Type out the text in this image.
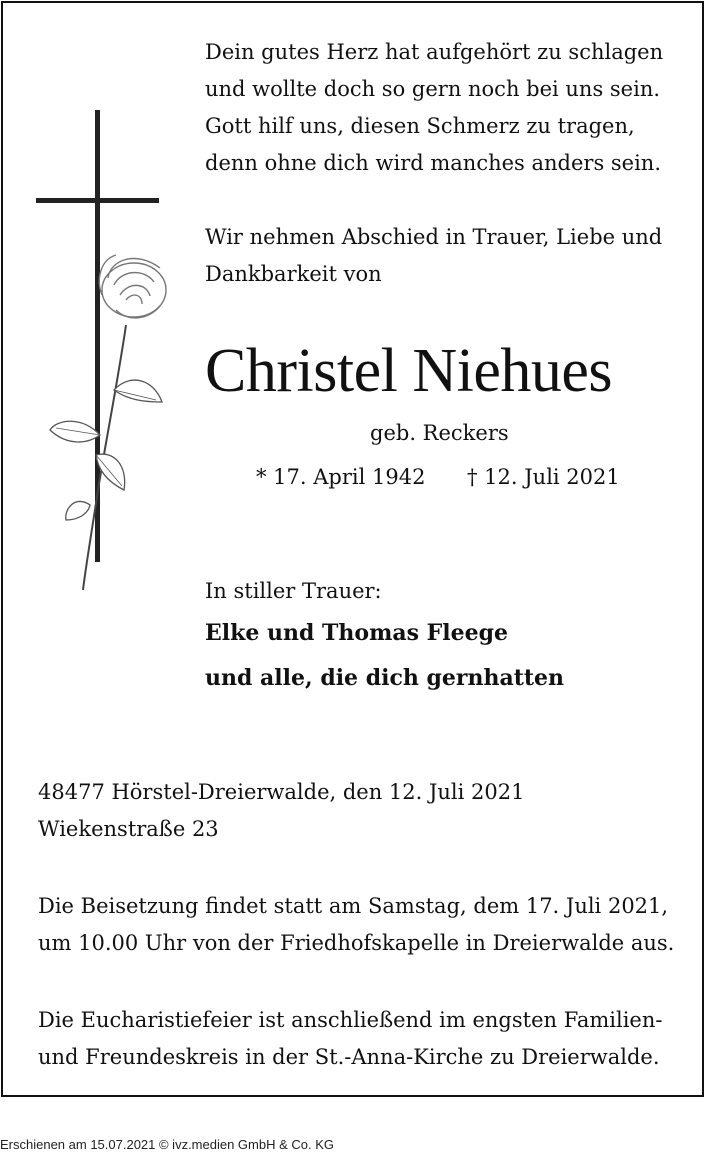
Dein gutes Herz hat aufgehört zu schlagen
und wollte doch so gern noch bei uns sein.
Gott hilf uns, diesen Schmerz zu tragen,
denn ohne dich wird manches anders sein.
Wir nehmen Abschied in Trauer, Liebe und
Dankbarkeit von
Christel Niehues
geb. Reckers
* 17. April 1942 † 12. Juli 2021
In stiller Trauer:
Elke und Thomas Fleege
und alle, die dich gernhatten
48477 Hörstel-Dreierwalde, den 12. Juli 2021
Wiekenstraße 23
Die Beisetzung findet statt am Samstag, dem 17. Juli 2021,
um 10.00 Uhr von der Friedhofskapelle in Dreierwalde aus.
Die Eucharistiefeier ist anschließend im engsten Familien-
und Freundeskreis in der St.-Anna-Kirche zu Dreierwalde.
Erschienen am 15.07.2021 © ivz.medien GmbH & Co. KG
